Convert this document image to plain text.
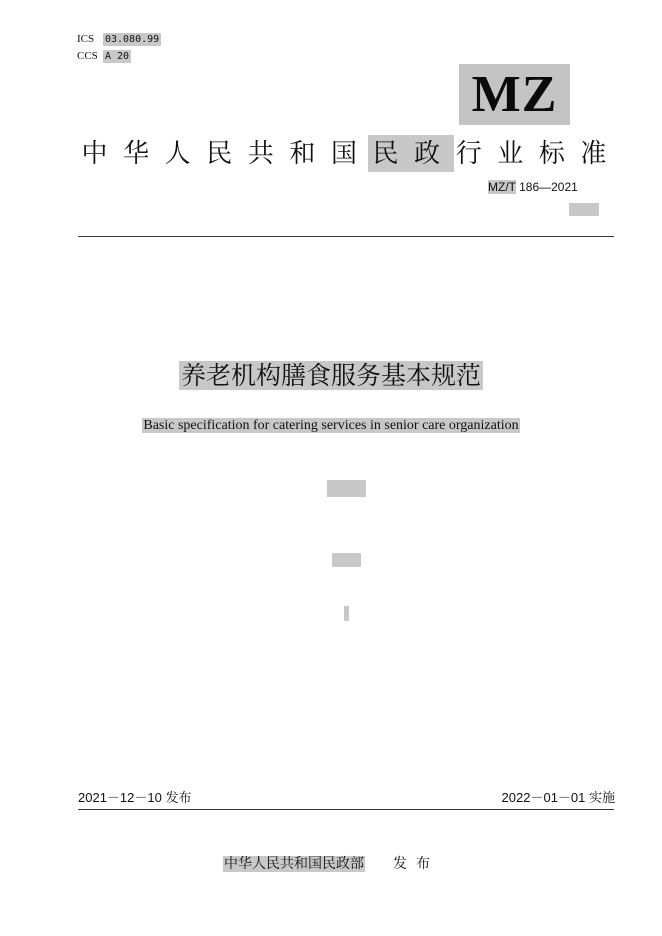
ICS 03.080.99
CCS A 20
MZ
中 华 人 民 共 和 国 民 政 行 业 标 准
MZ/T 186—2021
养老机构膳食服务基本规范
Basic specification for catering services in senior care organization
2021－12－10 发布	2022－01－01 实施
中华人民共和国民政部 发布
